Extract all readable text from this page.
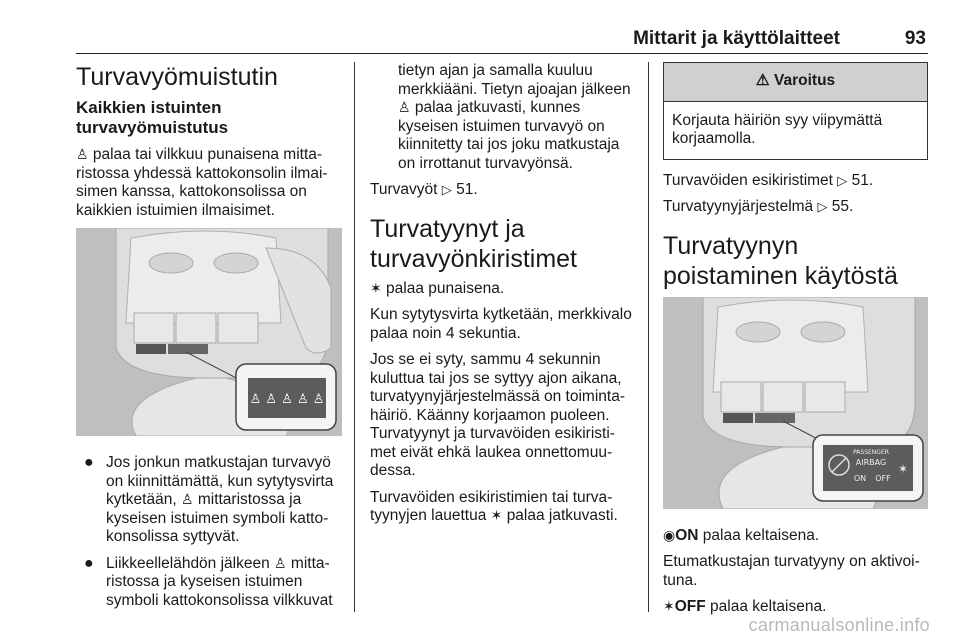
Mittarit ja käyttölaitteet	93
Turvavyömuistutin
Kaikkien istuinten turvavyömuistutus

♙ palaa tai vilkkuu punaisena mittaristossa yhdessä kattokonsolin ilmaisimen kanssa, kattokonsolissa on kaikkien istuimien ilmaisimet.

♙ ♙ ♙ ♙ ♙
● Jos jonkun matkustajan turvavyö on kiinnittämättä, kun sytytysvirta kytketään, ♙ mittaristossa ja kyseisen istuimen symboli kattokonsolissa syttyvät.
● Liikkeellelähdön jälkeen ♙ mittaristossa ja kyseisen istuimen symboli kattokonsolissa vilkkuvat

tietyn ajan ja samalla kuuluu merkkiääni. Tietyn ajoajan jälkeen ♙ palaa jatkuvasti, kunnes kyseisen istuimen turvavyö on kiinnitetty tai jos joku matkustaja on irrottanut turvavyönsä.

Turvavyöt ▷ 51.

Turvatyynyt ja turvavyönkiristimet

✶ palaa punaisena.

Kun sytytysvirta kytketään, merkkivalo palaa noin 4 sekuntia.

Jos se ei syty, sammu 4 sekunnin kuluttua tai jos se syttyy ajon aikana, turvatyynyjärjestelmässä on toimintahäiriö. Käänny korjaamon puoleen. Turvatyynyt ja turvavöiden esikiristimet eivät ehkä laukea onnettomuudessa.

Turvavöiden esikiristimien tai turvatyynyjen lauettua ✶ palaa jatkuvasti.

⚠ Varoitus
Korjauta häiriön syy viipymättä korjaamolla.

Turvavöiden esikiristimet ▷ 51.

Turvatyynyjärjestelmä ▷ 55.

Turvatyynyn poistaminen käytöstä
PASSENGER
AIRBAG
ON OFF
✶

◉ON palaa keltaisena.

Etumatkustajan turvatyyny on aktivoituna.

✶OFF palaa keltaisena.

carmanualsonline.info
